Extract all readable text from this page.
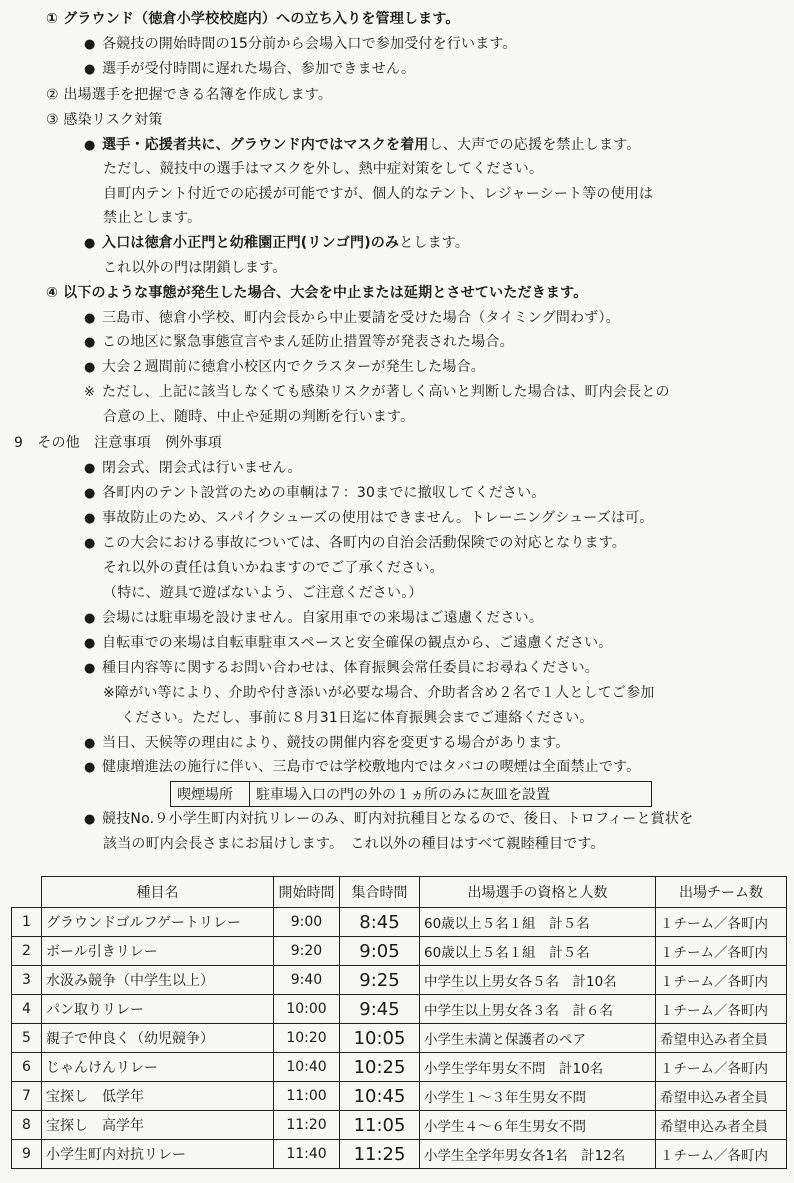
① グラウンド（徳倉小学校校庭内）への立ち入りを管理します。
● 各競技の開始時間の15分前から会場入口で参加受付を行います。
● 選手が受付時間に遅れた場合、参加できません。
② 出場選手を把握できる名簿を作成します。
③ 感染リスク対策
● 選手・応援者共に、グラウンド内ではマスクを着用し、大声での応援を禁止します。
ただし、競技中の選手はマスクを外し、熱中症対策をしてください。
自町内テント付近での応援が可能ですが、個人的なテント、レジャーシート等の使用は
禁止とします。
● 入口は徳倉小正門と幼稚園正門(リンゴ門)のみとします。
これ以外の門は閉鎖します。
④ 以下のような事態が発生した場合、大会を中止または延期とさせていただきます。
● 三島市、徳倉小学校、町内会長から中止要請を受けた場合（タイミング問わず）。
● この地区に緊急事態宣言やまん延防止措置等が発表された場合。
● 大会２週間前に徳倉小校区内でクラスターが発生した場合。
※ ただし、上記に該当しなくても感染リスクが著しく高いと判断した場合は、町内会長との
合意の上、随時、中止や延期の判断を行います。
9　その他　注意事項　例外事項
● 閉会式、閉会式は行いません。
● 各町内のテント設営のための車輌は７：30までに撤収してください。
● 事故防止のため、スパイクシューズの使用はできません。トレーニングシューズは可。
● この大会における事故については、各町内の自治会活動保険での対応となります。
それ以外の責任は負いかねますのでご了承ください。
（特に、遊具で遊ばないよう、ご注意ください。）
● 会場には駐車場を設けません。自家用車での来場はご遠慮ください。
● 自転車での来場は自転車駐車スペースと安全確保の観点から、ご遠慮ください。
● 種目内容等に関するお問い合わせは、体育振興会常任委員にお尋ねください。
※障がい等により、介助や付き添いが必要な場合、介助者含め２名で１人としてご参加
ください。ただし、事前に８月31日迄に体育振興会までご連絡ください。
● 当日、天候等の理由により、競技の開催内容を変更する場合があります。
● 健康増進法の施行に伴い、三島市では学校敷地内ではタバコの喫煙は全面禁止です。
喫煙場所	駐車場入口の門の外の１ヵ所のみに灰皿を設置
● 競技No.９小学生町内対抗リレーのみ、町内対抗種目となるので、後日、トロフィーと賞状を
該当の町内会長さまにお届けします。　これ以外の種目はすべて親睦種目です。
	種目名	開始時間	集合時間	出場選手の資格と人数	出場チーム数
1	グラウンドゴルフゲートリレー	9:00	8:45	60歳以上５名１組　計５名	１チーム／各町内
2	ボール引きリレー	9:20	9:05	60歳以上５名１組　計５名	１チーム／各町内
3	水汲み競争（中学生以上）	9:40	9:25	中学生以上男女各５名　計10名	１チーム／各町内
4	パン取りリレー	10:00	9:45	中学生以上男女各３名　計６名	１チーム／各町内
5	親子で仲良く（幼児競争）	10:20	10:05	小学生未満と保護者のペア	希望申込み者全員
6	じゃんけんリレー	10:40	10:25	小学生学年男女不問　計10名	１チーム／各町内
7	宝探し　低学年	11:00	10:45	小学生１～３年生男女不問	希望申込み者全員
8	宝探し　高学年	11:20	11:05	小学生４～６年生男女不問	希望申込み者全員
9	小学生町内対抗リレー	11:40	11:25	小学生全学年男女各1名　計12名	１チーム／各町内
